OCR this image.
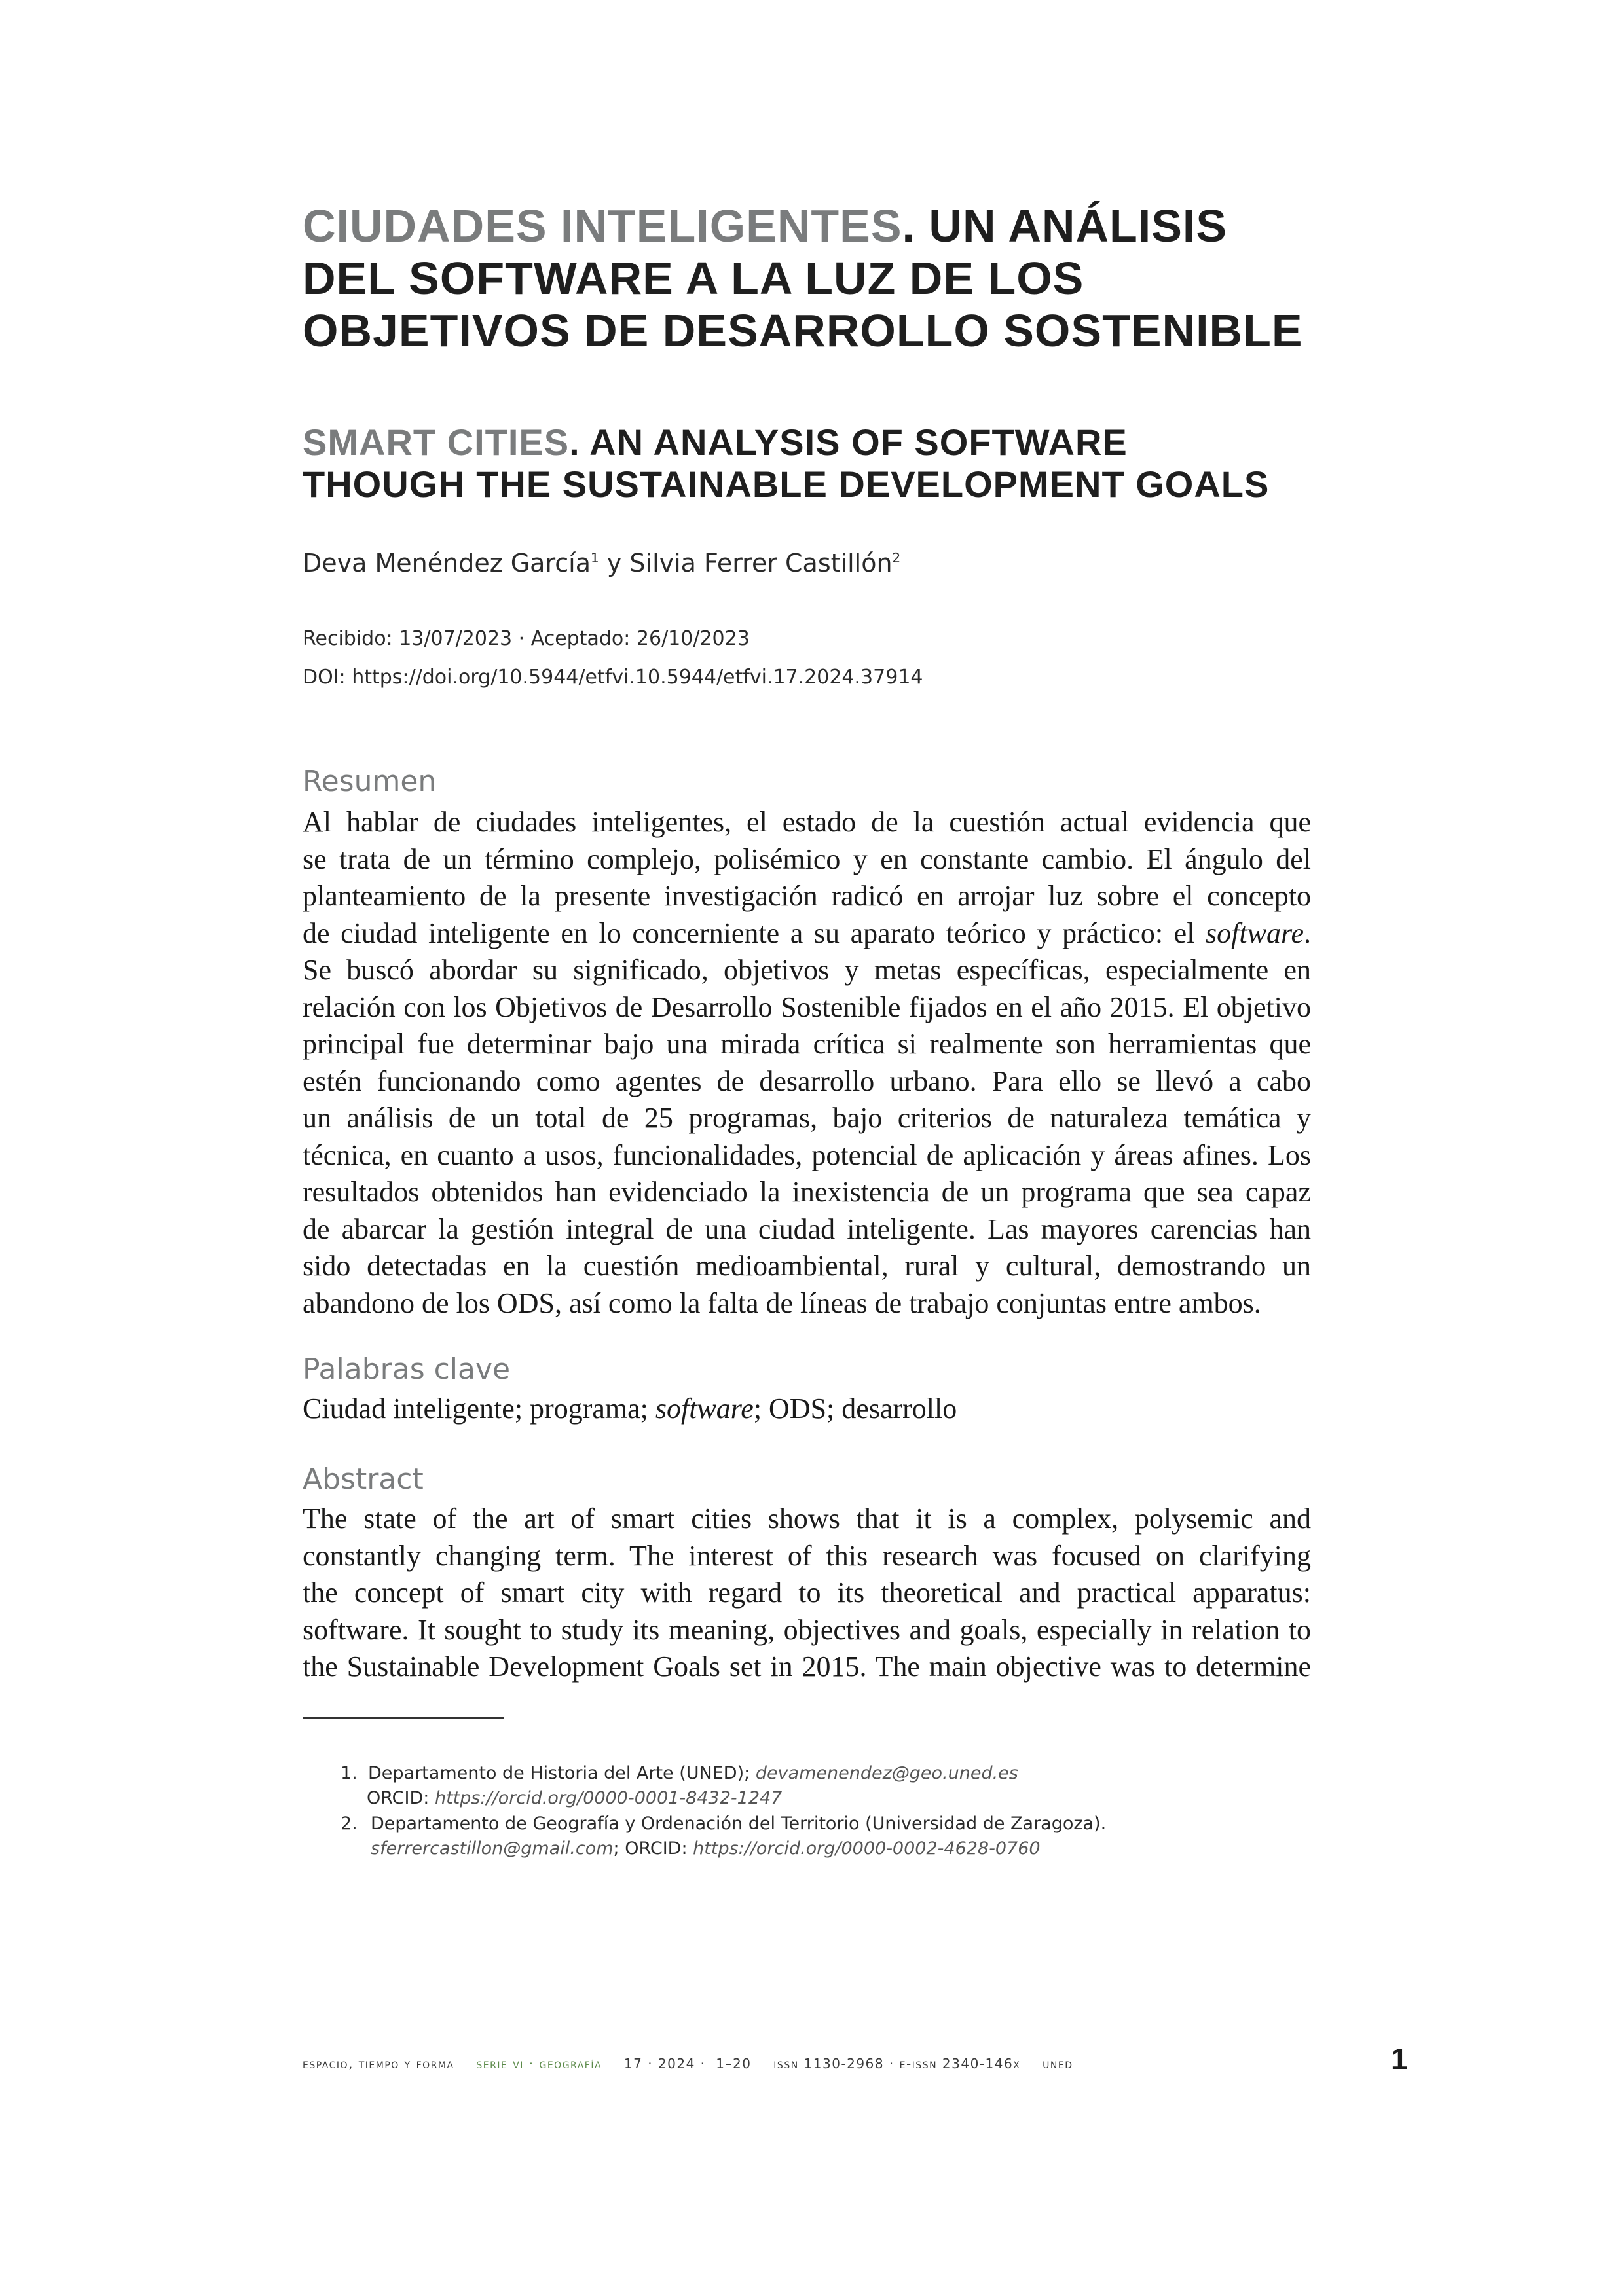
CIUDADES INTELIGENTES. UN ANÁLISIS
DEL SOFTWARE A LA LUZ DE LOS
OBJETIVOS DE DESARROLLO SOSTENIBLE
SMART CITIES. AN ANALYSIS OF SOFTWARE
THOUGH THE SUSTAINABLE DEVELOPMENT GOALS
Deva Menéndez García$^1$ y Silvia Ferrer Castillón$^2$
Recibido: 13/07/2023 · Aceptado: 26/10/2023
DOI: https://doi.org/10.5944/etfvi.10.5944/etfvi.17.2024.37914
Resumen
Al hablar de ciudades inteligentes, el estado de la cuestión actual evidencia que
se trata de un término complejo, polisémico y en constante cambio. El ángulo del
planteamiento de la presente investigación radicó en arrojar luz sobre el concepto
de ciudad inteligente en lo concerniente a su aparato teórico y práctico: el software.
Se buscó abordar su significado, objetivos y metas específicas, especialmente en
relación con los Objetivos de Desarrollo Sostenible fijados en el año 2015. El objetivo
principal fue determinar bajo una mirada crítica si realmente son herramientas que
estén funcionando como agentes de desarrollo urbano. Para ello se llevó a cabo
un análisis de un total de 25 programas, bajo criterios de naturaleza temática y
técnica, en cuanto a usos, funcionalidades, potencial de aplicación y áreas afines. Los
resultados obtenidos han evidenciado la inexistencia de un programa que sea capaz
de abarcar la gestión integral de una ciudad inteligente. Las mayores carencias han
sido detectadas en la cuestión medioambiental, rural y cultural, demostrando un
abandono de los ODS, así como la falta de líneas de trabajo conjuntas entre ambos.
Palabras clave
Ciudad inteligente; programa; software; ODS; desarrollo
Abstract
The state of the art of smart cities shows that it is a complex, polysemic and
constantly changing term. The interest of this research was focused on clarifying
the concept of smart city with regard to its theoretical and practical apparatus:
software. It sought to study its meaning, objectives and goals, especially in relation to
the Sustainable Development Goals set in 2015. The main objective was to determine
1. Departamento de Historia del Arte (UNED); devamenendez@geo.uned.es
ORCID: https://orcid.org/0000-0001-8432-1247
2. Departamento de Geografía y Ordenación del Territorio (Universidad de Zaragoza).
sferrercastillon@gmail.com; ORCID: https://orcid.org/0000-0002-4628-0760
espacio, tiempo y forma serie vi · geografía 17 · 2024 ·  1–20 issn 1130-2968 · e-issn 2340-146x uned	1
